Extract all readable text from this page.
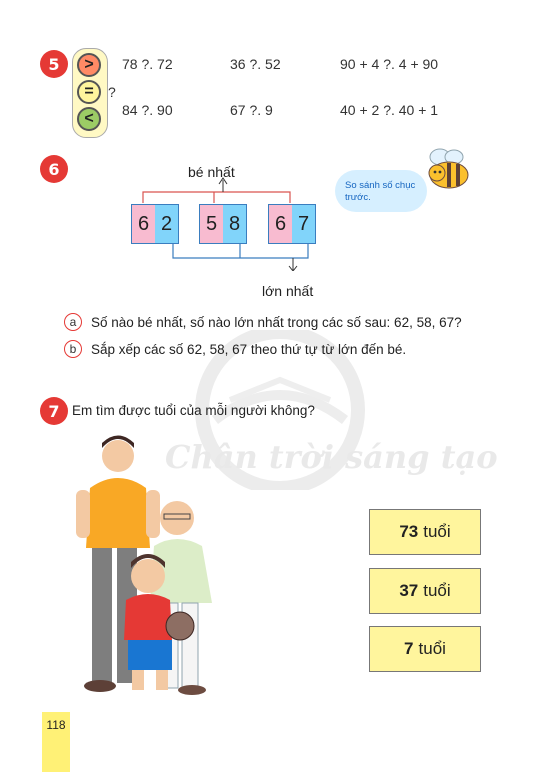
Chân trời sáng tạo
5	>
=
<
?
78 ?. 72	36 ?. 52	90 + 4 ?. 4 + 90
84 ?. 90	67 ?. 9	40 + 2 ?. 40 + 1
6	bé nhất
6 2 5 8 6 7
lớn nhất
So sánh số chục trước.
a	Số nào bé nhất, số nào lớn nhất trong các số sau: 62, 58, 67?
b	Sắp xếp các số 62, 58, 67 theo thứ tự từ lớn đến bé.
7 Em tìm được tuổi của mỗi người không?
73 tuổi
37 tuổi
7 tuổi
118
